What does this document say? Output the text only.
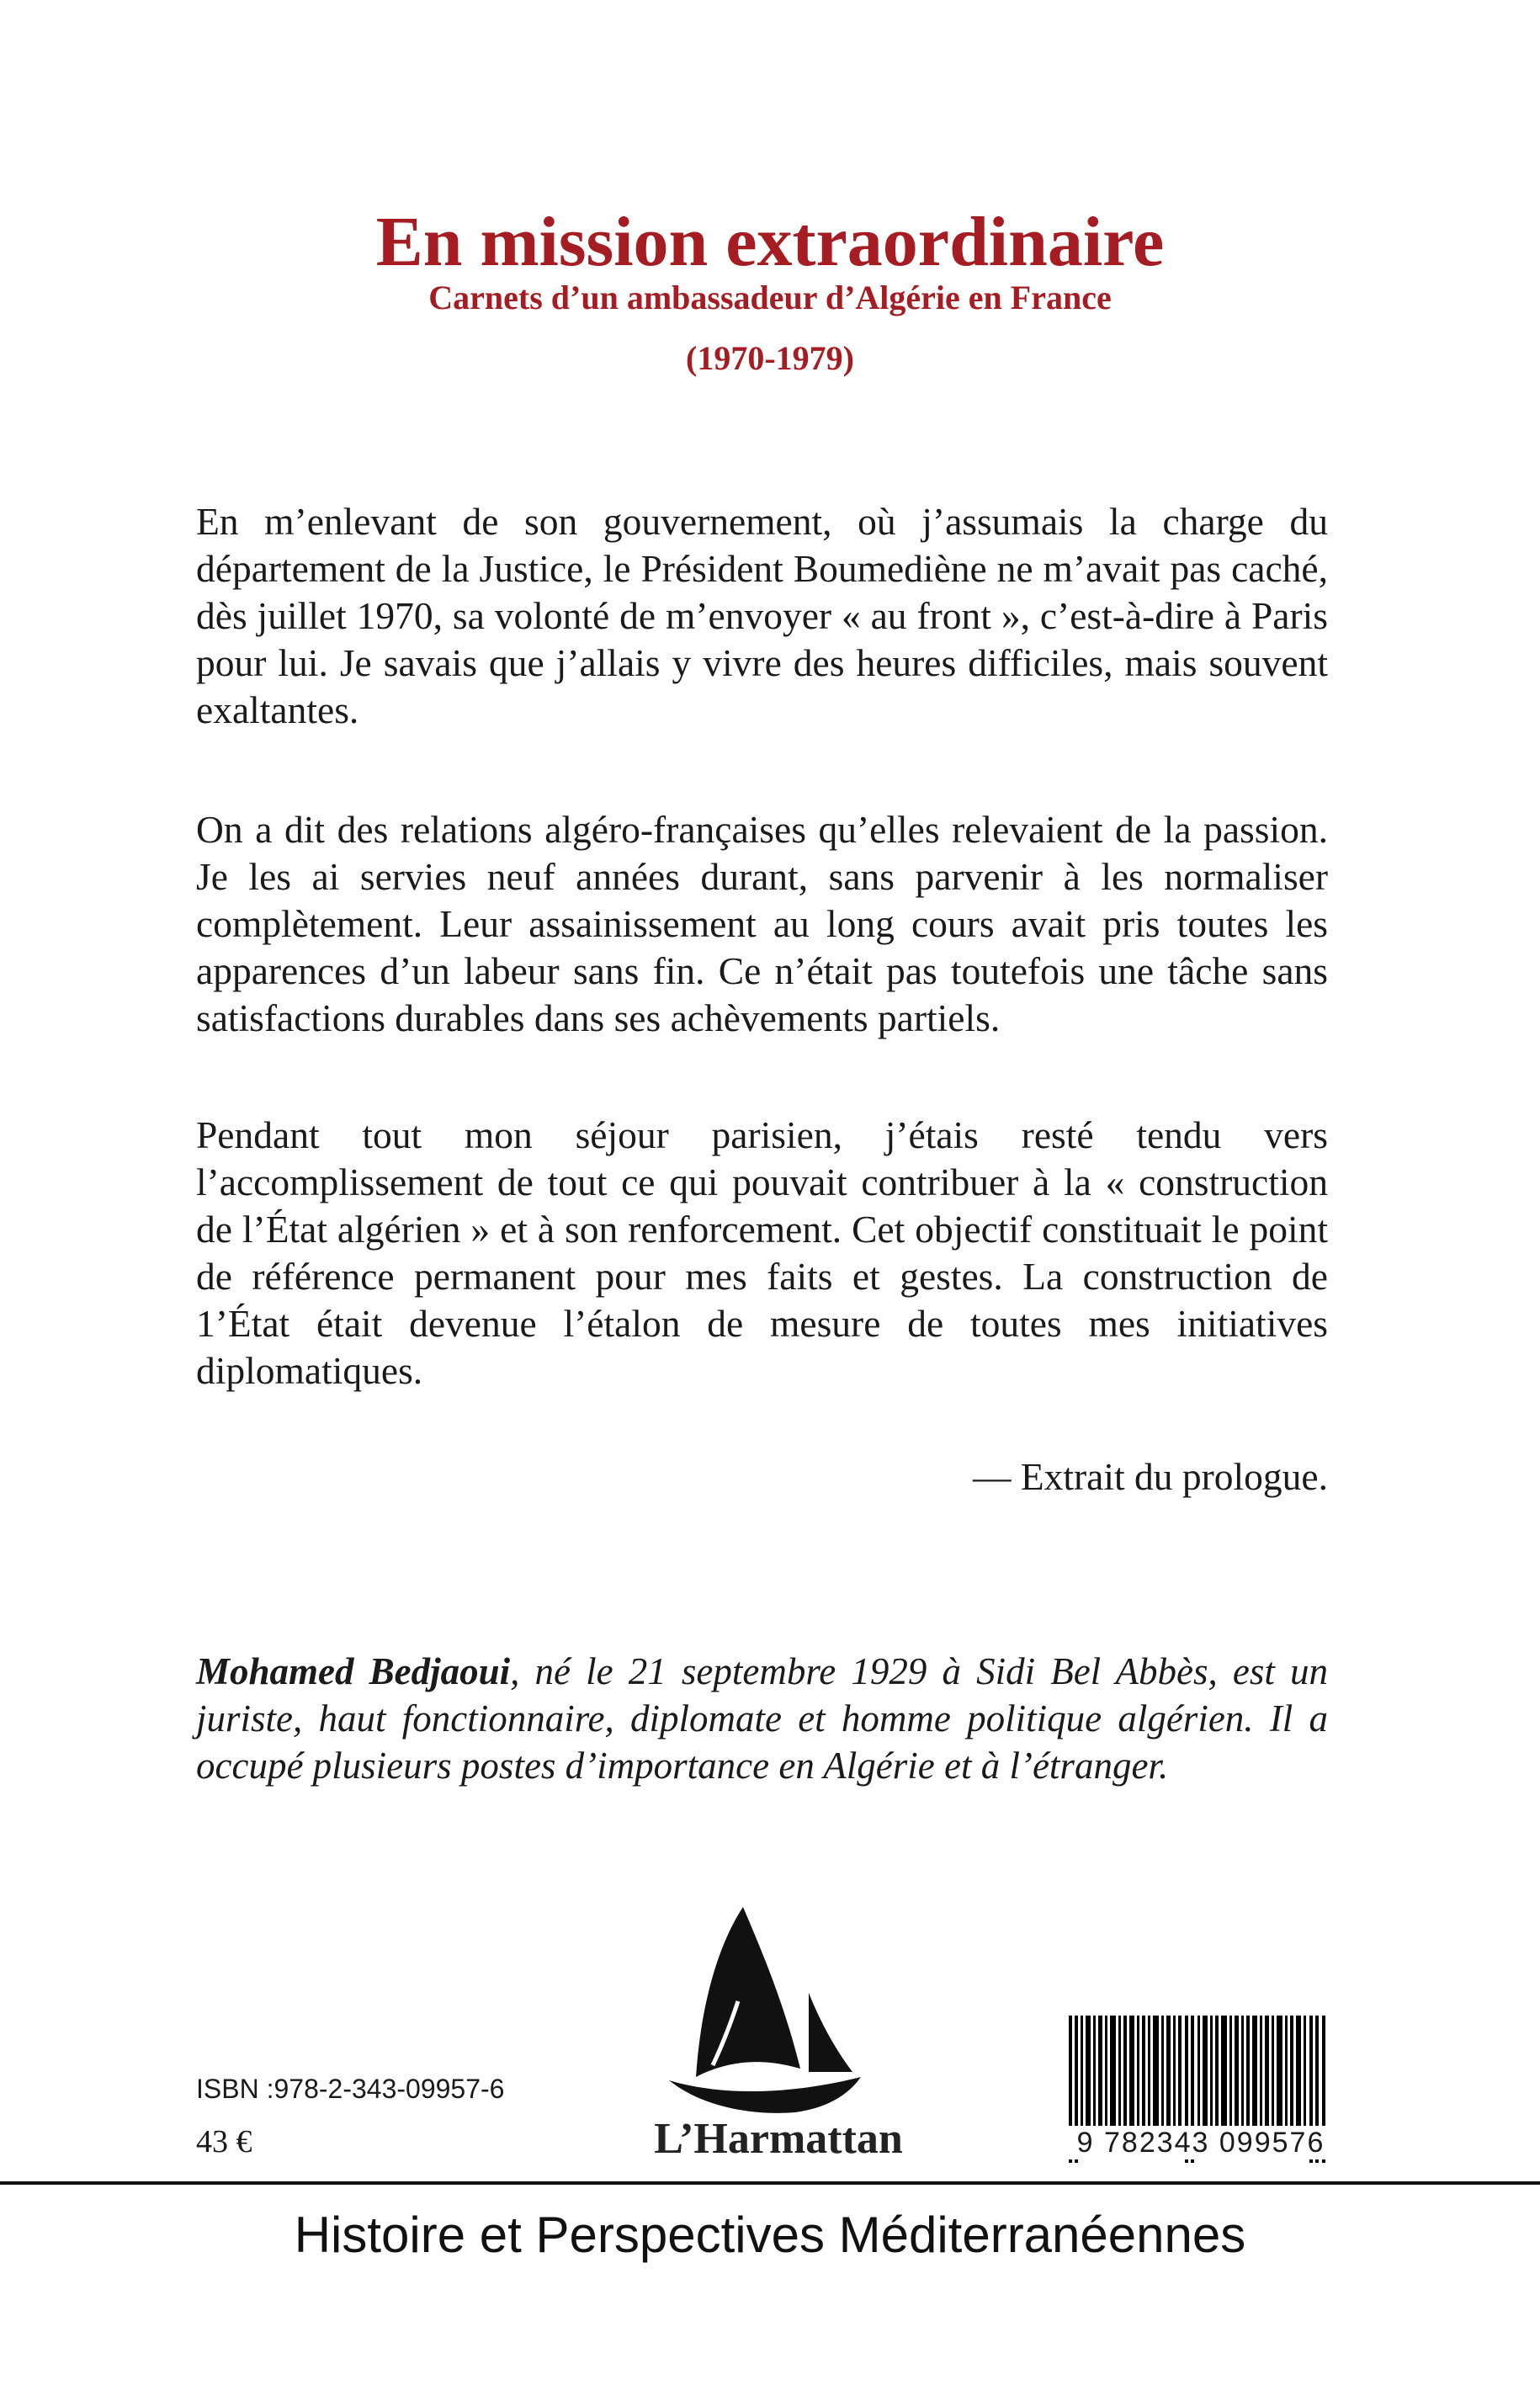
En mission extraordinaire
Carnets d’un ambassadeur d’Algérie en France
(1970-1979)

En m’enlevant de son gouvernement, où j’assumais la charge du département de la Justice, le Président Boumediène ne m’avait pas caché, dès juillet 1970, sa volonté de m’envoyer « au front », c’est-à-dire à Paris pour lui. Je savais que j’allais y vivre des heures difficiles, mais souvent exaltantes.

On a dit des relations algéro-françaises qu’elles relevaient de la passion. Je les ai servies neuf années durant, sans parvenir à les normaliser complètement. Leur assainissement au long cours avait pris toutes les apparences d’un labeur sans fin. Ce n’était pas toutefois une tâche sans satisfactions durables dans ses achèvements partiels.

Pendant tout mon séjour parisien, j’étais resté tendu vers l’accomplissement de tout ce qui pouvait contribuer à la « construction de l’État algérien » et à son renforcement. Cet objectif constituait le point de référence permanent pour mes faits et gestes. La construction de 1’État était devenue l’étalon de mesure de toutes mes initiatives diplomatiques.

— Extrait du prologue.

Mohamed Bedjaoui, né le 21 septembre 1929 à Sidi Bel Abbès, est un juriste, haut fonctionnaire, diplomate et homme politique algérien. Il a occupé plusieurs postes d’importance en Algérie et à l’étranger.

ISBN :978-2-343-09957-6
43 €	L’Harmattan	9 782343 099576
Histoire et Perspectives Méditerranéennes
